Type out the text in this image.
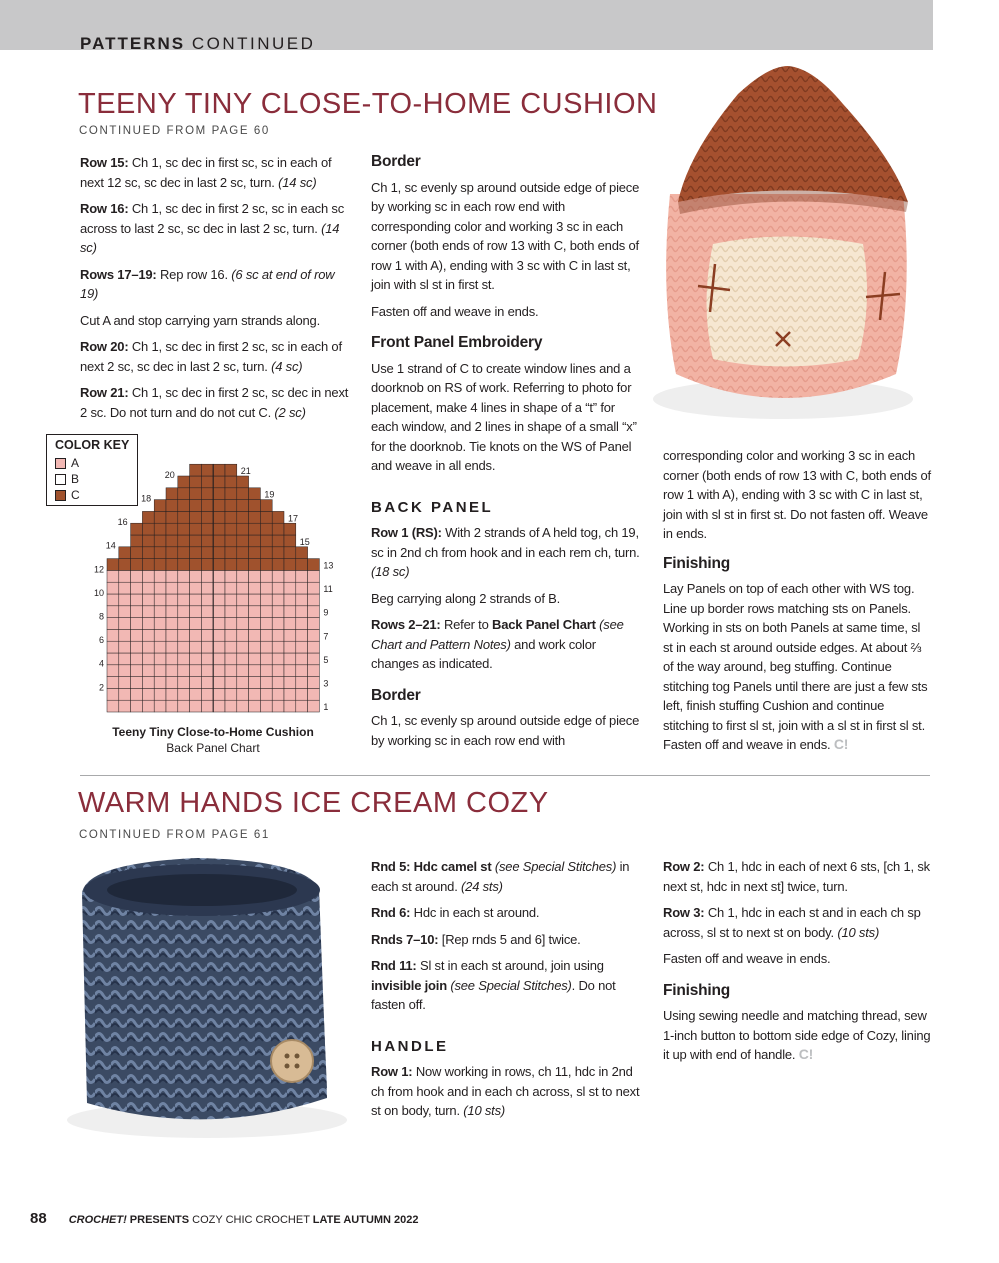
PATTERNS CONTINUED
TEENY TINY CLOSE-TO-HOME CUSHION
CONTINUED FROM PAGE 60

Row 15: Ch 1, sc dec in first sc, sc in each of next 12 sc, sc dec in last 2 sc, turn. (14 sc)

Row 16: Ch 1, sc dec in first 2 sc, sc in each sc across to last 2 sc, sc dec in last 2 sc, turn. (14 sc)

Rows 17–19: Rep row 16. (6 sc at end of row 19)

Cut A and stop carrying yarn strands along.

Row 20: Ch 1, sc dec in first 2 sc, sc in each of next 2 sc, sc dec in last 2 sc, turn. (4 sc)

Row 21: Ch 1, sc dec in first 2 sc, sc dec in next 2 sc. Do not turn and do not cut C. (2 sc)

Border

Ch 1, sc evenly sp around outside edge of piece by working sc in each row end with corresponding color and working 3 sc in each corner (both ends of row 13 with C, both ends of row 1 with A), ending with 3 sc with C in last st, join with sl st in first st.

Fasten off and weave in ends.

Front Panel Embroidery

Use 1 strand of C to create window lines and a doorknob on RS of work. Referring to photo for placement, make 4 lines in shape of a “t” for each window, and 2 lines in shape of a small “x” for the doorknob. Tie knots on the WS of Panel and weave in all ends.

BACK PANEL

Row 1 (RS): With 2 strands of A held tog, ch 19, sc in 2nd ch from hook and in each rem ch, turn. (18 sc)

Beg carrying along 2 strands of B.

Rows 2–21: Refer to Back Panel Chart (see Chart and Pattern Notes) and work color changes as indicated.

Border

Ch 1, sc evenly sp around outside edge of piece by working sc in each row end with

corresponding color and working 3 sc in each corner (both ends of row 13 with C, both ends of row 1 with A), ending with 3 sc with C in last st, join with sl st in first st. Do not fasten off. Weave in ends.

Finishing

Lay Panels on top of each other with WS tog. Line up border rows matching sts on Panels. Working in sts on both Panels at same time, sl st in each st around outside edges. At about ⅔ of the way around, beg stuffing. Continue stitching tog Panels until there are just a few sts left, finish stuffing Cushion and continue stitching to first sl st, join with a sl st in first sl st. Fasten off and weave in ends. C!

COLOR KEY
A
B
C
1
3
5
7
9
11
13
15
17
19
21
2
4
6
8
10
12
14
16
18
20
Teeny Tiny Close-to-Home Cushion
Back Panel Chart
WARM HANDS ICE CREAM COZY
CONTINUED FROM PAGE 61

Rnd 5: Hdc camel st (see Special Stitches) in each st around. (24 sts)

Rnd 6: Hdc in each st around.

Rnds 7–10: [Rep rnds 5 and 6] twice.

Rnd 11: Sl st in each st around, join using invisible join (see Special Stitches). Do not fasten off.

HANDLE

Row 1: Now working in rows, ch 11, hdc in 2nd ch from hook and in each ch across, sl st to next st on body, turn. (10 sts)

Row 2: Ch 1, hdc in each of next 6 sts, [ch 1, sk next st, hdc in next st] twice, turn.

Row 3: Ch 1, hdc in each st and in each ch sp across, sl st to next st on body. (10 sts)

Fasten off and weave in ends.

Finishing

Using sewing needle and matching thread, sew 1-inch button to bottom side edge of Cozy, lining it up with end of handle. C!

88 CROCHET! PRESENTS COZY CHIC CROCHET LATE AUTUMN 2022
